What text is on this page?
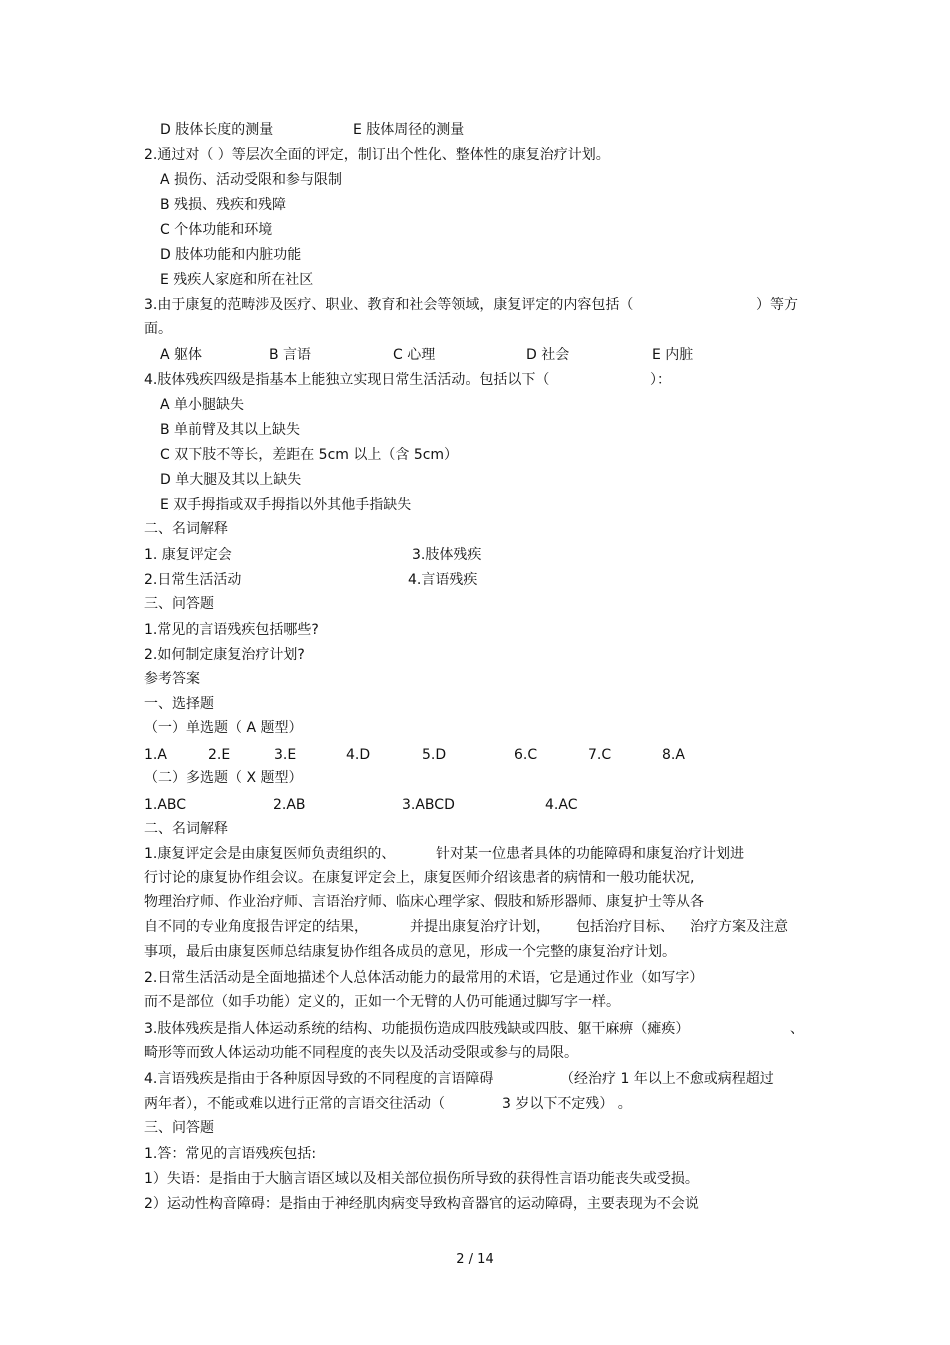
D 肢体长度的测量	E 肢体周径的测量
2.通过对（ ）等层次全面的评定，制订出个性化、整体性的康复治疗计划。
A 损伤、活动受限和参与限制
B 残损、残疾和残障
C 个体功能和环境
D 肢体功能和内脏功能
E 残疾人家庭和所在社区
3.由于康复的范畴涉及医疗、职业、教育和社会等领域，康复评定的内容包括（	）等方
面。
A 躯体	B 言语	C 心理	D 社会	E 内脏
4.肢体残疾四级是指基本上能独立实现日常生活活动。包括以下（	）：
A 单小腿缺失
B 单前臂及其以上缺失
C 双下肢不等长，差距在 5cm 以上（含 5cm）
D 单大腿及其以上缺失
E 双手拇指或双手拇指以外其他手指缺失
二、名词解释
1. 康复评定会	3.肢体残疾
2.日常生活活动	4.言语残疾
三、问答题
1.常见的言语残疾包括哪些?
2.如何制定康复治疗计划?
参考答案
一、选择题
（一）单选题（ A 题型）
1.A	2.E	3.E	4.D	5.D	6.C	7.C	8.A
（二）多选题（ X 题型）
1.ABC	2.AB	3.ABCD	4.AC
二、名词解释
1.康复评定会是由康复医师负责组织的、	针对某一位患者具体的功能障碍和康复治疗计划进
行讨论的康复协作组会议。在康复评定会上，康复医师介绍该患者的病情和一般功能状况,
物理治疗师、作业治疗师、言语治疗师、临床心理学家、假肢和矫形器师、康复护士等从各
自不同的专业角度报告评定的结果，	并提出康复治疗计划， 包括治疗目标、 治疗方案及注意
事项，最后由康复医师总结康复协作组各成员的意见，形成一个完整的康复治疗计划。
2.日常生活活动是全面地描述个人总体活动能力的最常用的术语，它是通过作业（如写字）
而不是部位（如手功能）定义的，正如一个无臂的人仍可能通过脚写字一样。
3.肢体残疾是指人体运动系统的结构、功能损伤造成四肢残缺或四肢、躯干麻痹（瘫痪）	、
畸形等而致人体运动功能不同程度的丧失以及活动受限或参与的局限。
4.言语残疾是指由于各种原因导致的不同程度的言语障碍	（经治疗 1 年以上不愈或病程超过
两年者），不能或难以进行正常的言语交往活动（	3 岁以下不定残） 。
三、问答题
1.答：常见的言语残疾包括:
1）失语：是指由于大脑言语区域以及相关部位损伤所导致的获得性言语功能丧失或受损。
2）运动性构音障碍：是指由于神经肌肉病变导致构音器官的运动障碍，主要表现为不会说
2 / 14
